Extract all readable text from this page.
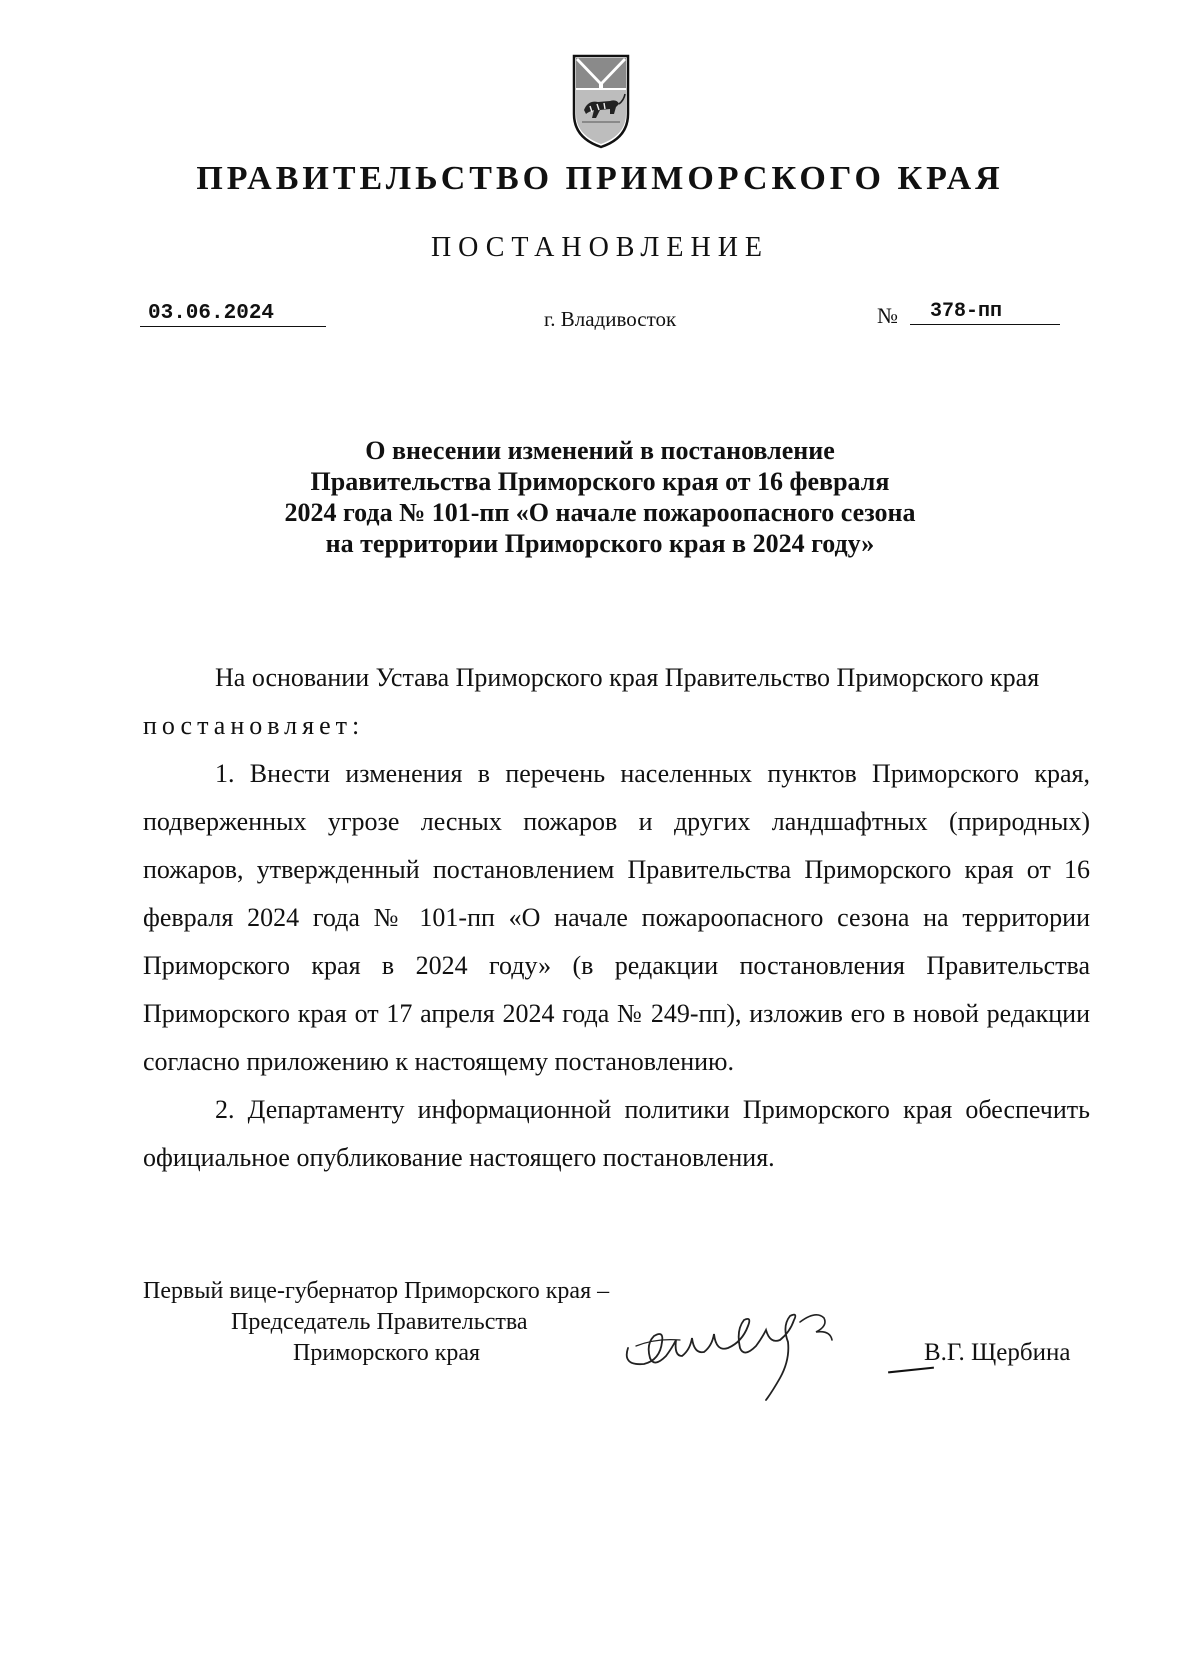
ПРАВИТЕЛЬСТВО ПРИМОРСКОГО КРАЯ
ПОСТАНОВЛЕНИЕ
03.06.2024	г. Владивосток	№	378-пп
О внесении изменений в постановление
Правительства Приморского края от 16 февраля
2024 года № 101-пп «О начале пожароопасного сезона
на территории Приморского края в 2024 году»

На основании Устава Приморского края Правительство Приморского края

постановляет:

1. Внести изменения в перечень населенных пунктов Приморского края, подверженных угрозе лесных пожаров и других ландшафтных (природных) пожаров, утвержденный постановлением Правительства Приморского края от 16 февраля 2024 года № 101-пп «О начале пожароопасного сезона на территории Приморского края в 2024 году» (в редакции постановления Правительства Приморского края от 17 апреля 2024 года № 249-пп), изложив его в новой редакции согласно приложению к настоящему постановлению.

2. Департаменту информационной политики Приморского края обеспечить официальное опубликование настоящего постановления.

Первый вице-губернатор Приморского края –
Председатель Правительства
Приморского края	В.Г. Щербина
